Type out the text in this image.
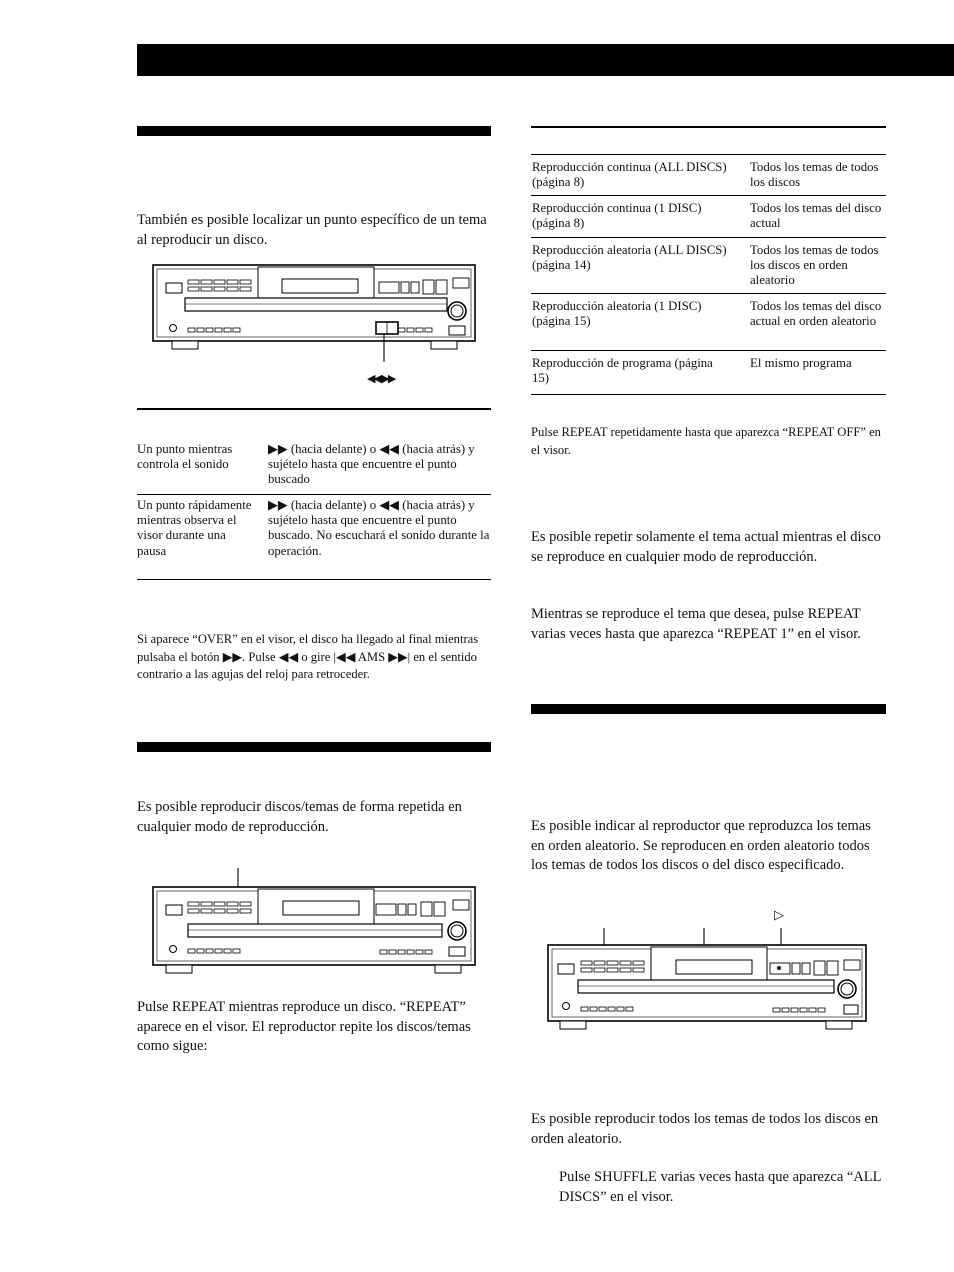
También es posible localizar un punto específico de un tema al reproducir un disco.
◀◀ ▶▶
Un punto mientras controla el sonido
▶▶ (hacia delante) o ◀◀ (hacia atrás) y sujételo hasta que encuentre el punto buscado
Un punto rápidamente mientras observa el visor durante una pausa
▶▶ (hacia delante) o ◀◀ (hacia atrás) y sujételo hasta que encuentre el punto buscado. No escuchará el sonido durante la operación.
Si aparece “OVER” en el visor, el disco ha llegado al final mientras pulsaba el botón ▶▶. Pulse ◀◀ o gire |◀◀ AMS ▶▶| en el sentido contrario a las agujas del reloj para retroceder.
Es posible reproducir discos/temas de forma repetida en cualquier modo de reproducción.
Pulse REPEAT mientras reproduce un disco. “REPEAT” aparece en el visor. El reproductor repite los discos/temas como sigue:
Reproducción continua (ALL DISCS) (página 8)
Todos los temas de todos los discos
Reproducción continua (1 DISC) (página 8)
Todos los temas del disco actual
Reproducción aleatoria (ALL DISCS) (página 14)
Todos los temas de todos los discos en orden aleatorio
Reproducción aleatoria (1 DISC) (página 15)
Todos los temas del disco actual en orden aleatorio
Reproducción de programa (página 15)
El mismo programa
Pulse REPEAT repetidamente hasta que aparezca “REPEAT OFF” en el visor.
Es posible repetir solamente el tema actual mientras el disco se reproduce en cualquier modo de reproducción.
Mientras se reproduce el tema que desea, pulse REPEAT varias veces hasta que aparezca “REPEAT 1” en el visor.
Es posible indicar al reproductor que reproduzca los temas en orden aleatorio. Se reproducen en orden aleatorio todos los temas de todos los discos o del disco especificado.
▷
Es posible reproducir todos los temas de todos los discos en orden aleatorio.
Pulse SHUFFLE varias veces hasta que aparezca “ALL DISCS” en el visor.
